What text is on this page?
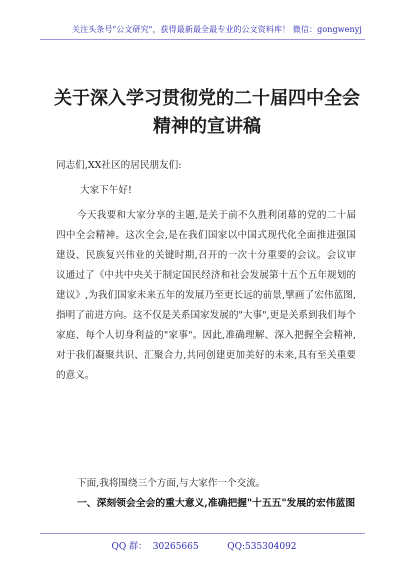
关注头条号"公文研究"，获得最新最全最专业的公文资料库！ 微信：gongwenyj
关于深入学习贯彻党的二十届四中全会精神的宣讲稿
同志们,XX社区的居民朋友们:
大家下午好!
今天我要和大家分享的主题,是关于前不久胜利闭幕的党的二十届四中全会精神。这次全会,是在我们国家以中国式现代化全面推进强国建设、民族复兴伟业的关键时期,召开的一次十分重要的会议。会议审议通过了《中共中央关于制定国民经济和社会发展第十五个五年规划的建议》,为我们国家未来五年的发展乃至更长远的前景,擘画了宏伟蓝图,指明了前进方向。这不仅是关系国家发展的"大事",更是关系到我们每个家庭、每个人切身利益的"家事"。因此,准确理解、深入把握全会精神,对于我们凝聚共识、汇聚合力,共同创建更加美好的未来,具有至关重要的意义。
下面,我将围绕三个方面,与大家作一个交流。
一、深刻领会全会的重大意义,准确把握"十五五"发展的宏伟蓝图
QQ 群：  30265665          QQ:535304092
